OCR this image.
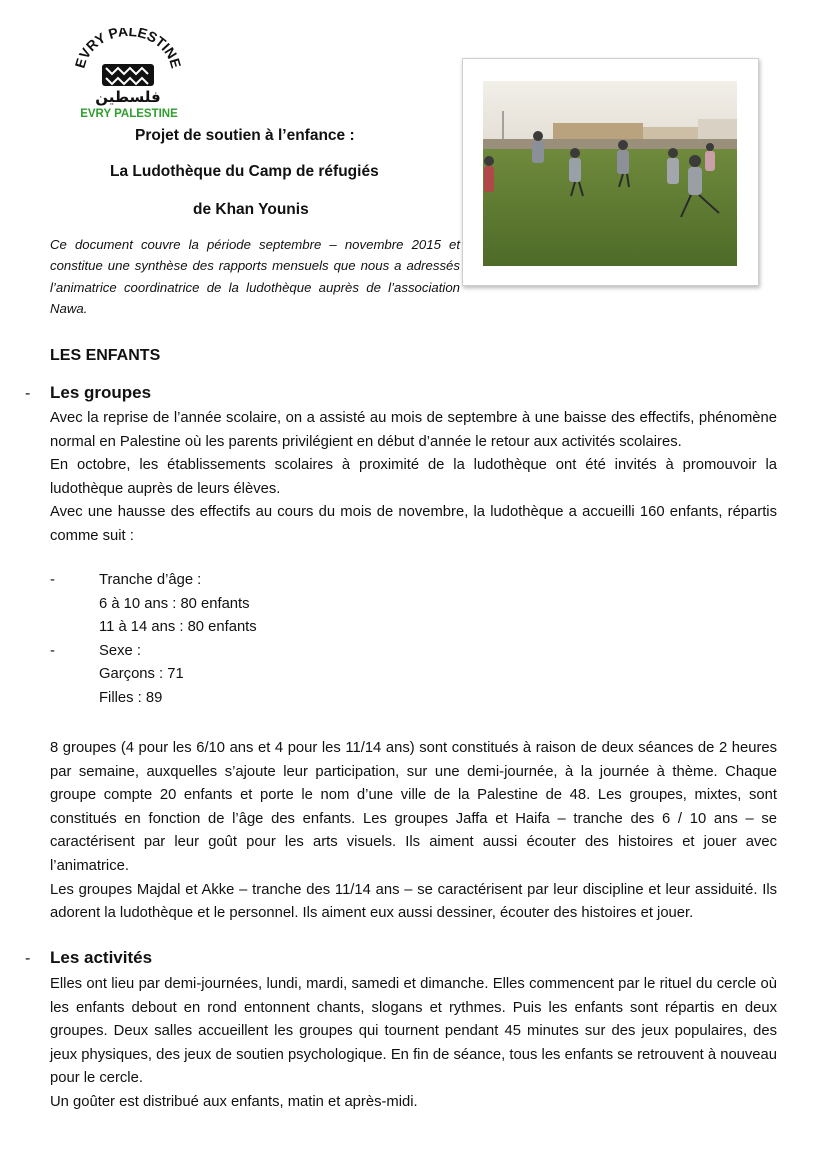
EVRY PALESTINE
فلسطين
EVRY PALESTINE
Projet de soutien à l’enfance :
La Ludothèque du Camp de réfugiés
de Khan Younis
Ce document couvre la période septembre – novembre 2015 et constitue une synthèse des rapports mensuels que nous a adressés l’animatrice coordinatrice de la ludothèque auprès de l’association Nawa.
LES ENFANTS
- Les groupes

Avec la reprise de l’année scolaire, on a assisté au mois de septembre à une baisse des effectifs, phénomène normal en Palestine où les parents privilégient en début d’année le retour aux activités scolaires.

En octobre, les établissements scolaires à proximité de la ludothèque ont été invités à promouvoir la ludothèque auprès de leurs élèves.

Avec une hausse des effectifs au cours du mois de novembre, la ludothèque a accueilli 160 enfants, répartis comme suit :

-	Tranche d’âge :
6 à 10 ans : 80 enfants
11 à 14 ans : 80 enfants
-	Sexe :
Garçons : 71
Filles : 89

8 groupes (4 pour les 6/10 ans et 4 pour les 11/14 ans) sont constitués à raison de deux séances de 2 heures par semaine, auxquelles s’ajoute leur participation, sur une demi-journée, à la journée à thème. Chaque groupe compte 20 enfants et porte le nom d’une ville de la Palestine de 48. Les groupes, mixtes, sont constitués en fonction de l’âge des enfants. Les groupes Jaffa et Haifa – tranche des 6 / 10 ans – se caractérisent par leur goût pour les arts visuels. Ils aiment aussi écouter des histoires et jouer avec l’animatrice.

Les groupes Majdal et Akke – tranche des 11/14 ans – se caractérisent par leur discipline et leur assiduité. Ils adorent la ludothèque et le personnel. Ils aiment eux aussi dessiner, écouter des histoires et jouer.

- Les activités

Elles ont lieu par demi-journées, lundi, mardi, samedi et dimanche. Elles commencent par le rituel du cercle où les enfants debout en rond entonnent chants, slogans et rythmes. Puis les enfants sont répartis en deux groupes. Deux salles accueillent les groupes qui tournent pendant 45 minutes sur des jeux populaires, des jeux physiques, des jeux de soutien psychologique. En fin de séance, tous les enfants se retrouvent à nouveau pour le cercle.

Un goûter est distribué aux enfants, matin et après-midi.
